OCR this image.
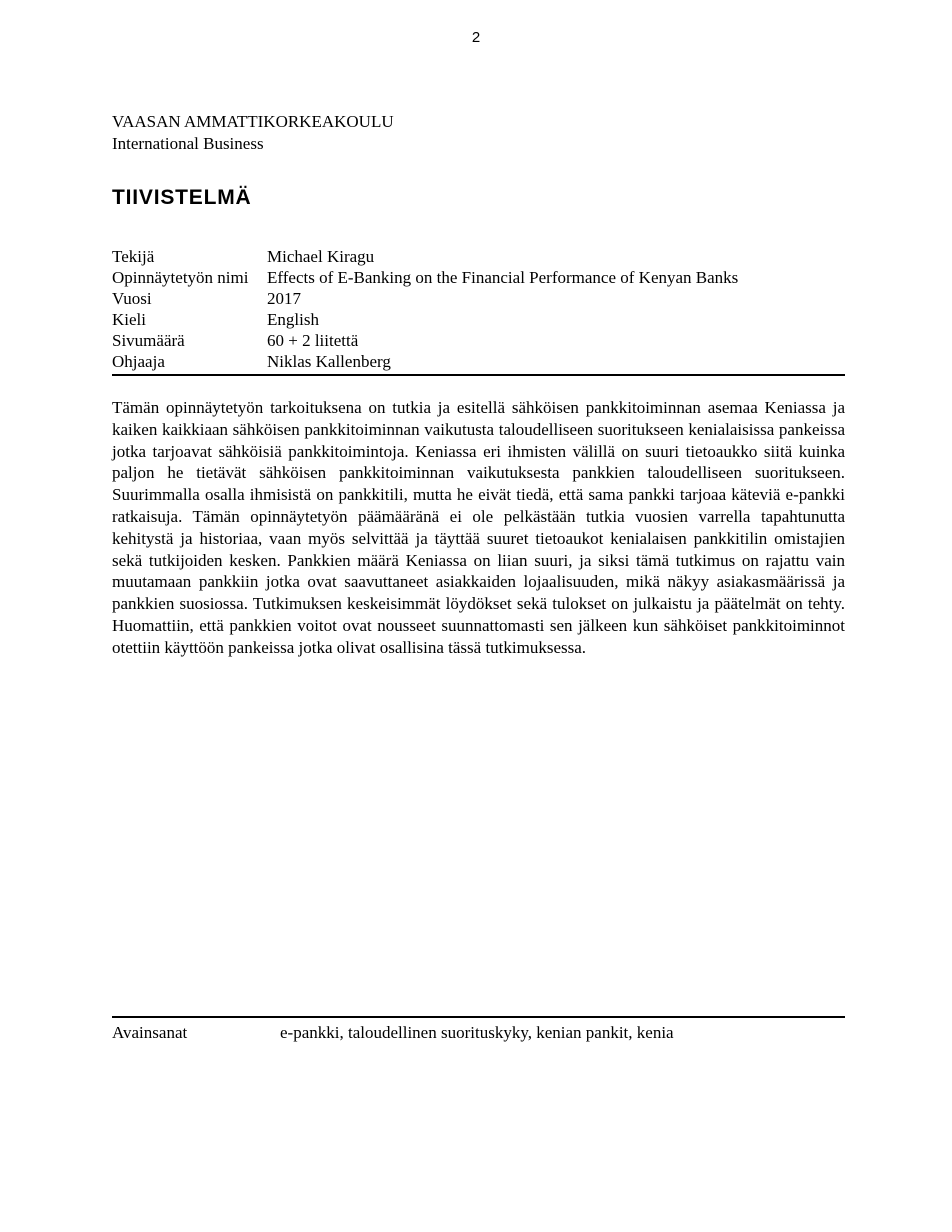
2
VAASAN AMMATTIKORKEAKOULU
International Business
TIIVISTELMÄ
Tekijä	Michael Kiragu
Opinnäytetyön nimi	Effects of E-Banking on the Financial Performance of Kenyan Banks
Vuosi	2017
Kieli	English
Sivumäärä	60 + 2 liitettä
Ohjaaja	Niklas Kallenberg

Tämän opinnäytetyön tarkoituksena on tutkia ja esitellä sähköisen pankkitoiminnan asemaa Keniassa ja kaiken kaikkiaan sähköisen pankkitoiminnan vaikutusta taloudelliseen suoritukseen kenialaisissa pankeissa jotka tarjoavat sähköisiä pankkitoimintoja. Keniassa eri ihmisten välillä on suuri tietoaukko siitä kuinka paljon he tietävät sähköisen pankkitoiminnan vaikutuksesta pankkien taloudelliseen suoritukseen. Suurimmalla osalla ihmisistä on pankkitili, mutta he eivät tiedä, että sama pankki tarjoaa käteviä e-pankki ratkaisuja. Tämän opinnäytetyön päämääränä ei ole pelkästään tutkia vuosien varrella tapahtunutta kehitystä ja historiaa, vaan myös selvittää ja täyttää suuret tietoaukot kenialaisen pankkitilin omistajien sekä tutkijoiden kesken. Pankkien määrä Keniassa on liian suuri, ja siksi tämä tutkimus on rajattu vain muutamaan pankkiin jotka ovat saavuttaneet asiakkaiden lojaalisuuden, mikä näkyy asiakasmäärissä ja pankkien suosiossa. Tutkimuksen keskeisimmät löydökset sekä tulokset on julkaistu ja päätelmät on tehty. Huomattiin, että pankkien voitot ovat nousseet suunnattomasti sen jälkeen kun sähköiset pankkitoiminnot otettiin käyttöön pankeissa jotka olivat osallisina tässä tutkimuksessa.

Avainsanat	e-pankki, taloudellinen suorituskyky, kenian pankit, kenia
